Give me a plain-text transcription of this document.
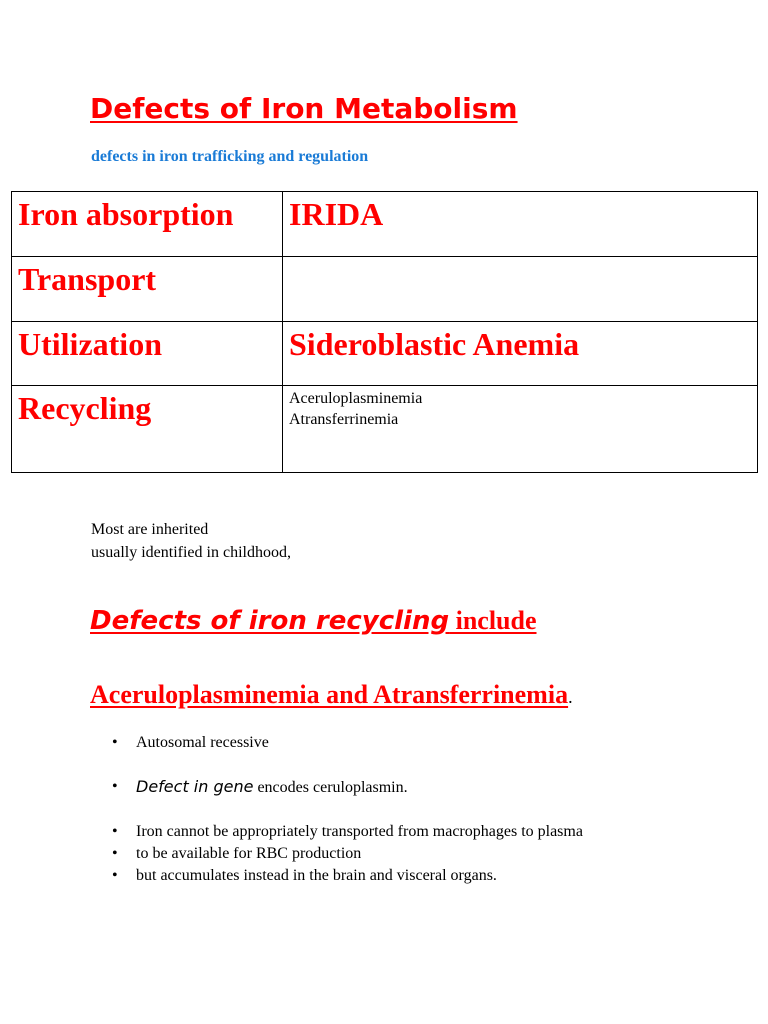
Defects of Iron Metabolism
defects in iron trafficking and regulation
Iron absorption	IRIDA

Transport	

Utilization	Sideroblastic Anemia

Recycling	Aceruloplasminemia
Atransferrinemia
Most are inherited
usually identified in childhood,
Defects of iron recycling include
Aceruloplasminemia and Atransferrinemia.
• Autosomal recessive
• Defect in gene encodes ceruloplasmin.
• Iron cannot be appropriately transported from macrophages to plasma
• to be available for RBC production
• but accumulates instead in the brain and visceral organs.
